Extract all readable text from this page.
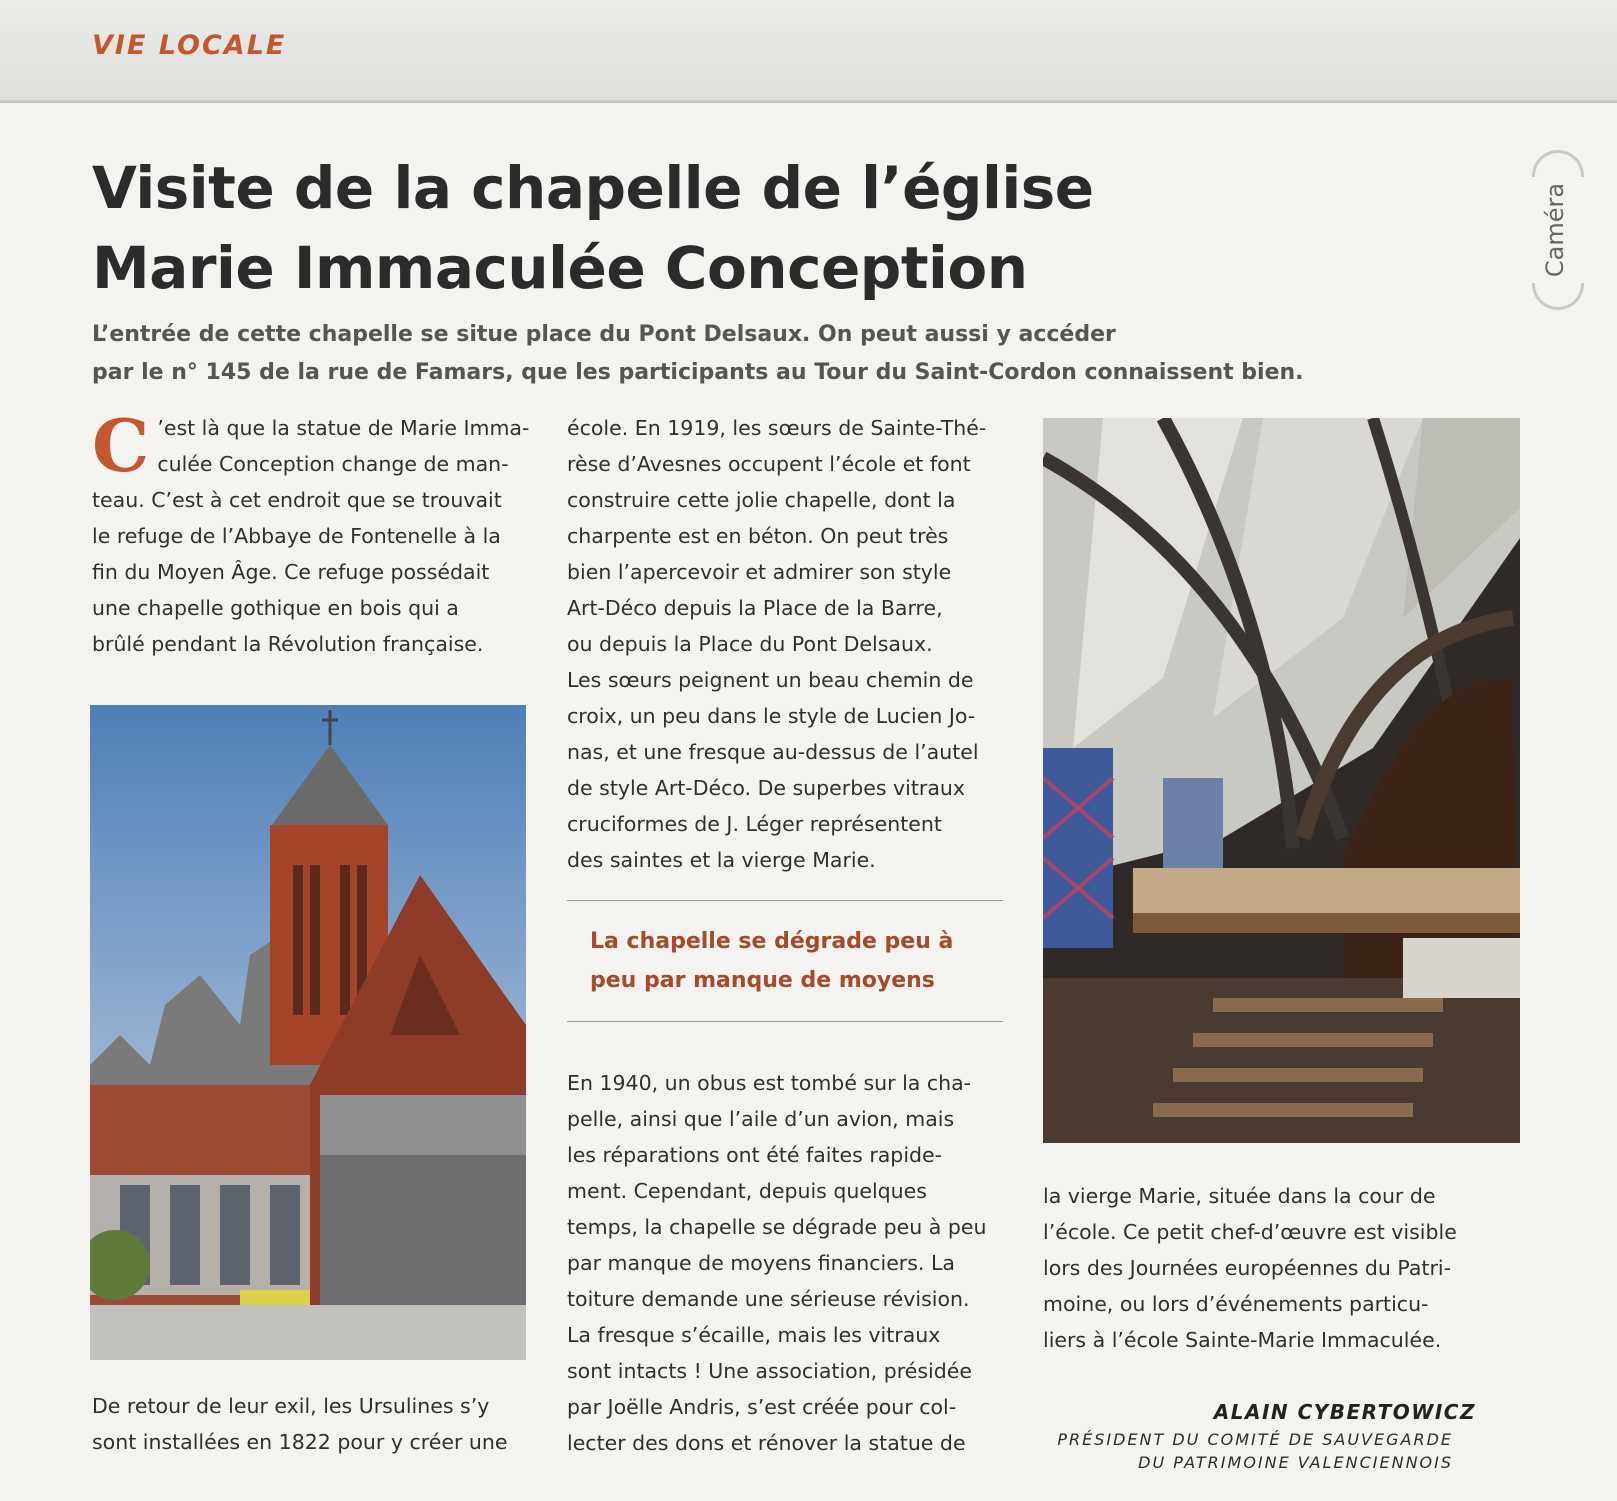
VIE LOCALE
Visite de la chapelle de l’église
Marie Immaculée Conception	Caméra

L’entrée de cette chapelle se situe place du Pont Delsaux. On peut aussi y accéder
par le n° 145 de la rue de Famars, que les participants au Tour du Saint-Cordon connaissent bien.

C ’est là que la statue de Marie Imma-
culée Conception change de man-
teau. C’est à cet endroit que se trouvait
le refuge de l’Abbaye de Fontenelle à la
fin du Moyen Âge. Ce refuge possédait
une chapelle gothique en bois qui a
brûlé pendant la Révolution française.
De retour de leur exil, les Ursulines s’y
sont installées en 1822 pour y créer une
école. En 1919, les sœurs de Sainte-Thé-
rèse d’Avesnes occupent l’école et font
construire cette jolie chapelle, dont la
charpente est en béton. On peut très
bien l’apercevoir et admirer son style
Art-Déco depuis la Place de la Barre,
ou depuis la Place du Pont Delsaux.
Les sœurs peignent un beau chemin de
croix, un peu dans le style de Lucien Jo-
nas, et une fresque au-dessus de l’autel
de style Art-Déco. De superbes vitraux
cruciformes de J. Léger représentent
des saintes et la vierge Marie.

La chapelle se dégrade peu à
peu par manque de moyens

En 1940, un obus est tombé sur la cha-
pelle, ainsi que l’aile d’un avion, mais
les réparations ont été faites rapide-
ment. Cependant, depuis quelques
temps, la chapelle se dégrade peu à peu
par manque de moyens financiers. La
toiture demande une sérieuse révision.
La fresque s’écaille, mais les vitraux
sont intacts ! Une association, présidée
par Joëlle Andris, s’est créée pour col-
lecter des dons et rénover la statue de
la vierge Marie, située dans la cour de
l’école. Ce petit chef-d’œuvre est visible
lors des Journées européennes du Patri-
moine, ou lors d’événements particu-
liers à l’école Sainte-Marie Immaculée.
ALAIN CYBERTOWICZ
PRÉSIDENT DU COMITÉ DE SAUVEGARDE
DU PATRIMOINE VALENCIENNOIS
